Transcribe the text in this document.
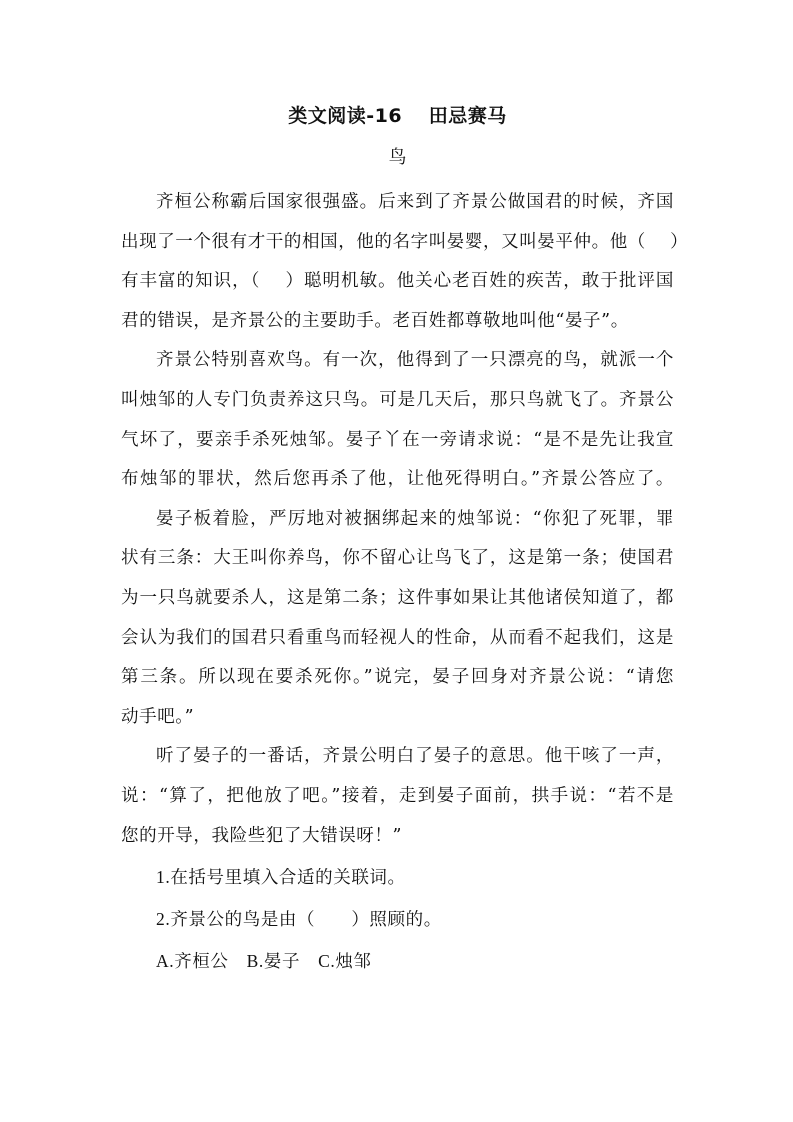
类文阅读-16　 田忌赛马
鸟
齐桓公称霸后国家很强盛。后来到了齐景公做国君的时候，齐国
出现了一个很有才干的相国，他的名字叫晏婴，又叫晏平仲。他（　 ）
有丰富的知识，（　 ）聪明机敏。他关心老百姓的疾苦，敢于批评国
君的错误，是齐景公的主要助手。老百姓都尊敬地叫他“晏子”。
齐景公特别喜欢鸟。有一次，他得到了一只漂亮的鸟，就派一个
叫烛邹的人专门负责养这只鸟。可是几天后，那只鸟就飞了。齐景公
气坏了，要亲手杀死烛邹。晏子丫在一旁请求说：“是不是先让我宣
布烛邹的罪状，然后您再杀了他，让他死得明白。”齐景公答应了。
晏子板着脸，严厉地对被捆绑起来的烛邹说：“你犯了死罪，罪
状有三条：大王叫你养鸟，你不留心让鸟飞了，这是第一条；使国君
为一只鸟就要杀人，这是第二条；这件事如果让其他诸侯知道了，都
会认为我们的国君只看重鸟而轻视人的性命，从而看不起我们，这是
第三条。所以现在要杀死你。”说完，晏子回身对齐景公说：“请您
动手吧。”
听了晏子的一番话，齐景公明白了晏子的意思。他干咳了一声，
说：“算了，把他放了吧。”接着，走到晏子面前，拱手说：“若不是
您的开导，我险些犯了大错误呀！”
1.在括号里填入合适的关联词。
2.齐景公的鸟是由（　　）照顾的。
A.齐桓公　B.晏子　C.烛邹
